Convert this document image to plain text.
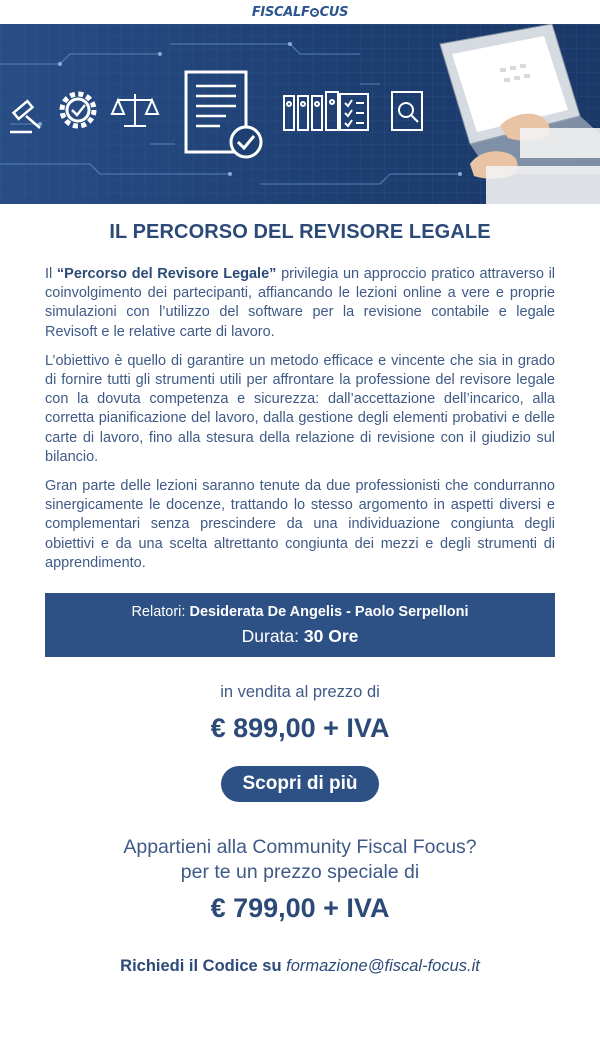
FISCALF CUS
IL PERCORSO DEL REVISORE LEGALE

Il “Percorso del Revisore Legale” privilegia un approccio pratico attraverso il coinvolgimento dei partecipanti, affiancando le lezioni online a vere e proprie simulazioni con l’utilizzo del software per la revisione contabile e legale Revisoft e le relative carte di lavoro.

L’obiettivo è quello di garantire un metodo efficace e vincente che sia in grado di fornire tutti gli strumenti utili per affrontare la professione del revisore legale con la dovuta competenza e sicurezza: dall’accettazione dell’incarico, alla corretta pianificazione del lavoro, dalla gestione degli elementi probativi e delle carte di lavoro, fino alla stesura della relazione di revisione con il giudizio sul bilancio.

Gran parte delle lezioni saranno tenute da due professionisti che condurranno sinergicamente le docenze, trattando lo stesso argomento in aspetti diversi e complementari senza prescindere da una individuazione congiunta degli obiettivi e da una scelta altrettanto congiunta dei mezzi e degli strumenti di apprendimento.

Relatori: Desiderata De Angelis - Paolo Serpelloni
Durata: 30 Ore
in vendita al prezzo di
€ 899,00 + IVA
Scopri di più
Appartieni alla Community Fiscal Focus?
per te un prezzo speciale di
€ 799,00 + IVA
Richiedi il Codice su formazione@fiscal-focus.it
